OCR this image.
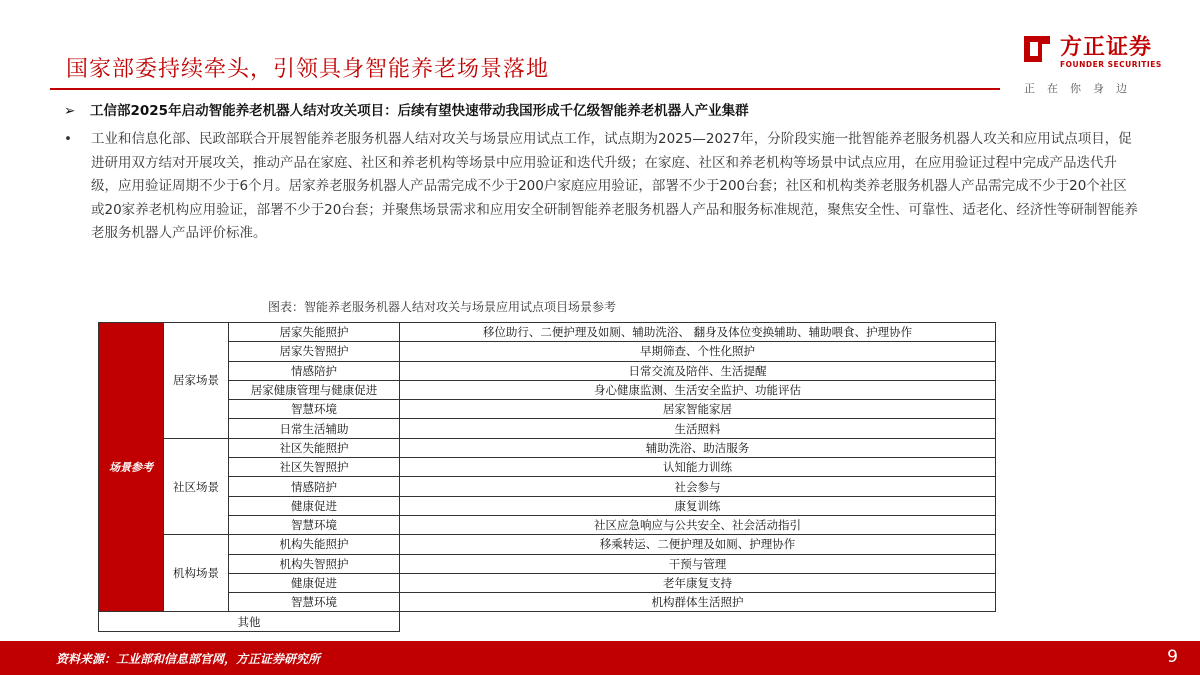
国家部委持续牵头，引领具身智能养老场景落地
方正证券
FOUNDER SECURITIES
正在你身边
➢ 工信部2025年启动智能养老机器人结对攻关项目：后续有望快速带动我国形成千亿级智能养老机器人产业集群
• 工业和信息化部、民政部联合开展智能养老服务机器人结对攻关与场景应用试点工作，试点期为2025—2027年，分阶段实施一批智能养老服务机器人攻关和应用试点项目，促进研用双方结对开展攻关，推动产品在家庭、社区和养老机构等场景中应用验证和迭代升级；在家庭、社区和养老机构等场景中试点应用，在应用验证过程中完成产品迭代升级，应用验证周期不少于6个月。居家养老服务机器人产品需完成不少于200户家庭应用验证，部署不少于200台套；社区和机构类养老服务机器人产品需完成不少于20个社区或20家养老机构应用验证，部署不少于20台套；并聚焦场景需求和应用安全研制智能养老服务机器人产品和服务标准规范，聚焦安全性、可靠性、适老化、经济性等研制智能养老服务机器人产品评价标准。
图表：智能养老服务机器人结对攻关与场景应用试点项目场景参考
场景参考	居家场景	居家失能照护	移位助行、二便护理及如厕、辅助洗浴、 翻身及体位变换辅助、辅助喂食、护理协作
		居家失智照护	早期筛查、个性化照护
		情感陪护	日常交流及陪伴、生活提醒
		居家健康管理与健康促进	身心健康监测、生活安全监护、功能评估
		智慧环境	居家智能家居
		日常生活辅助	生活照料
	社区场景	社区失能照护	辅助洗浴、助洁服务
		社区失智照护	认知能力训练
		情感陪护	社会参与
		健康促进	康复训练
		智慧环境	社区应急响应与公共安全、社会活动指引
	机构场景	机构失能照护	移乘转运、二便护理及如厕、护理协作
		机构失智照护	干预与管理
		健康促进	老年康复支持
		智慧环境	机构群体生活照护
其他			
资料来源：工业部和信息部官网，方正证券研究所	9
